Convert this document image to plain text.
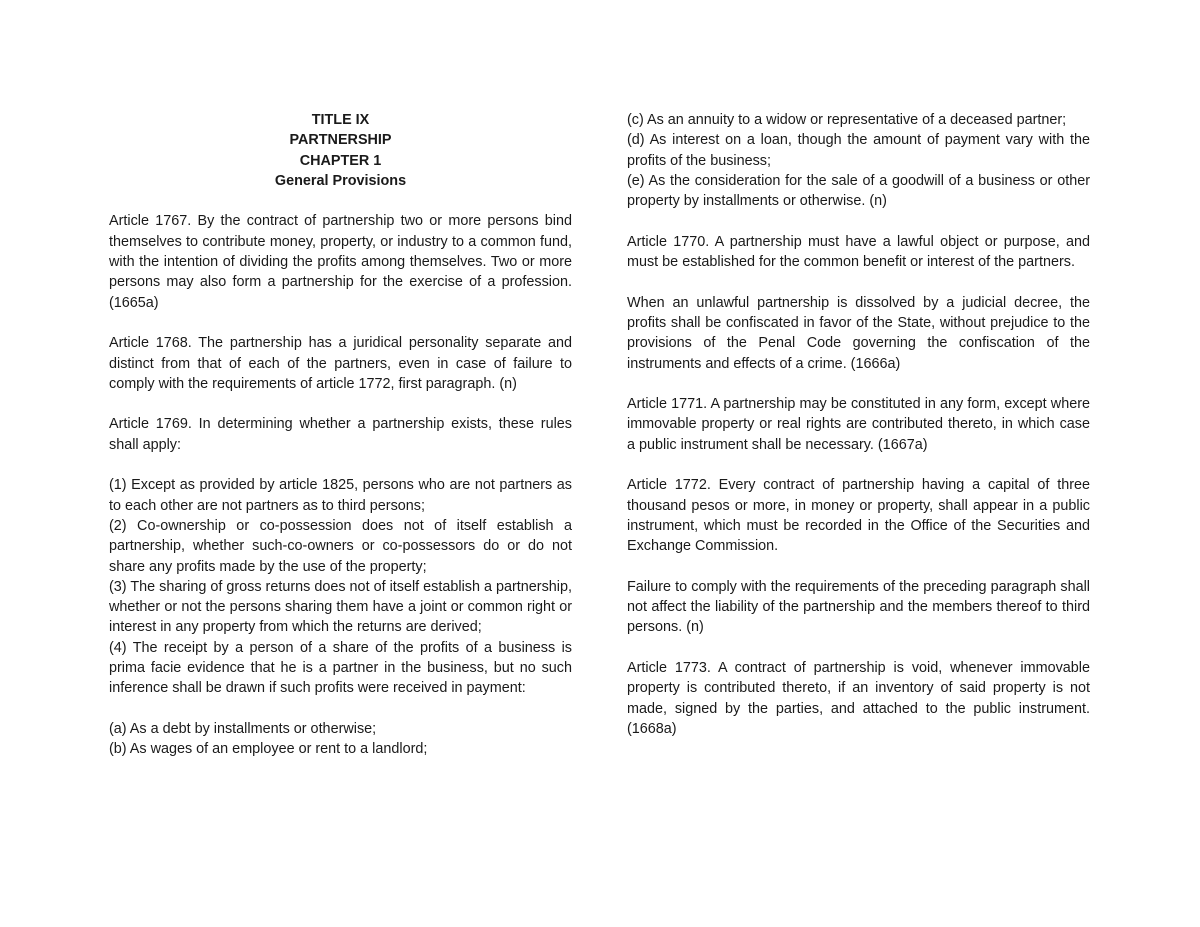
TITLE IX

PARTNERSHIP

CHAPTER 1

General Provisions

Article 1767. By the contract of partnership two or more persons bind themselves to contribute money, property, or industry to a common fund, with the intention of dividing the profits among themselves. Two or more persons may also form a partnership for the exercise of a profession. (1665a)

Article 1768. The partnership has a juridical personality separate and distinct from that of each of the partners, even in case of failure to comply with the requirements of article 1772, first paragraph. (n)

Article 1769. In determining whether a partnership exists, these rules shall apply:

(1) Except as provided by article 1825, persons who are not partners as to each other are not partners as to third persons;

(2) Co-ownership or co-possession does not of itself establish a partnership, whether such-co-owners or co-possessors do or do not share any profits made by the use of the property;

(3) The sharing of gross returns does not of itself establish a partnership, whether or not the persons sharing them have a joint or common right or interest in any property from which the returns are derived;

(4) The receipt by a person of a share of the profits of a business is prima facie evidence that he is a partner in the business, but no such inference shall be drawn if such profits were received in payment:

(a) As a debt by installments or otherwise;

(b) As wages of an employee or rent to a landlord;

(c) As an annuity to a widow or representative of a deceased partner;

(d) As interest on a loan, though the amount of payment vary with the profits of the business;

(e) As the consideration for the sale of a goodwill of a business or other property by installments or otherwise. (n)

Article 1770. A partnership must have a lawful object or purpose, and must be established for the common benefit or interest of the partners.

When an unlawful partnership is dissolved by a judicial decree, the profits shall be confiscated in favor of the State, without prejudice to the provisions of the Penal Code governing the confiscation of the instruments and effects of a crime. (1666a)

Article 1771. A partnership may be constituted in any form, except where immovable property or real rights are contributed thereto, in which case a public instrument shall be necessary. (1667a)

Article 1772. Every contract of partnership having a capital of three thousand pesos or more, in money or property, shall appear in a public instrument, which must be recorded in the Office of the Securities and Exchange Commission.

Failure to comply with the requirements of the preceding paragraph shall not affect the liability of the partnership and the members thereof to third persons. (n)

Article 1773. A contract of partnership is void, whenever immovable property is contributed thereto, if an inventory of said property is not made, signed by the parties, and attached to the public instrument. (1668a)
